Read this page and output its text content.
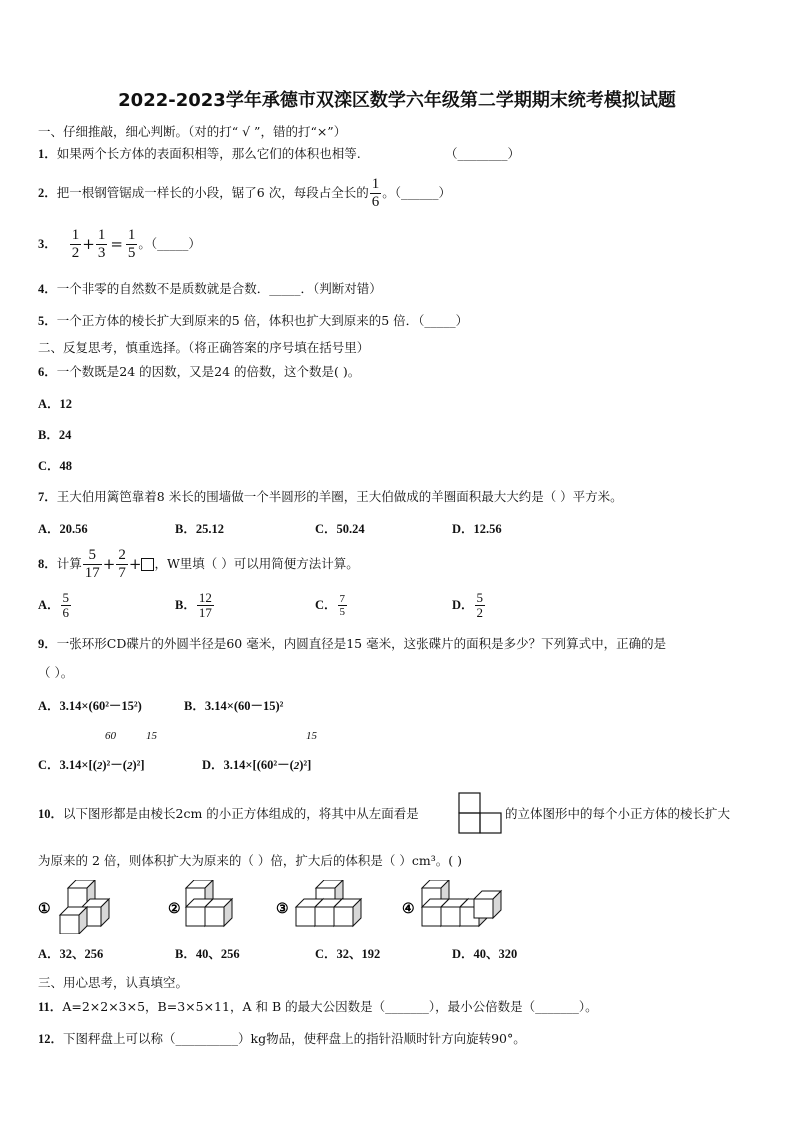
2022-2023学年承德市双滦区数学六年级第二学期期末统考模拟试题
一、仔细推敲，细心判断。（对的打“ √ ”，错的打“×”）
1．如果两个长方体的表面积相等，那么它们的体积也相等.	（________）
2． 把一根钢管锯成一样长的小段，锯了6 次，每段占全长的 $\frac{1}{6}$ 。（______）
3． $\frac{1}{2} + \frac{1}{3} = \frac{1}{5}$ 。（_____）
4．一个非零的自然数不是质数就是合数．_____．（判断对错）
5．一个正方体的棱长扩大到原来的5 倍，体积也扩大到原来的5 倍．（_____）
二、反复思考，慎重选择。（将正确答案的序号填在括号里）
6．一个数既是24 的因数，又是24 的倍数，这个数是( )。
A．12
B．24
C．48
7．王大伯用篱笆靠着8 米长的围墙做一个半圆形的羊圈，王大伯做成的羊圈面积最大大约是（ ）平方米。
A．20.56	B．25.12	C．50.24	D．12.56
8． 计算 $\frac{5}{17} + \frac{2}{7}$ + ，W里填（ ）可以用简便方法计算。
A． $\frac{5}{6}$	B． $\frac{12}{17}$	C． $\frac{7}{5}$	D． $\frac{5}{2}$
9．一张环形CD碟片的外圆半径是60 毫米，内圆直径是15 毫米，这张碟片的面积是多少？下列算式中，正确的是
（ ）。
A．3.14×(60²－15²)	B．3.14×(60－15)²
60	15
C．3.14×[(2)²－(2)²]
15
D．3.14×[(60²－(2)²]
10．以下图形都是由棱长2cm 的小正方体组成的，将其中从左面看是	的立体图形中的每个小正方体的棱长扩大
为原来的 2 倍，则体积扩大为原来的（ ）倍，扩大后的体积是（ ）cm³。( )
①	②	③	④
A．32、256	B．40、256	C．32、192	D．40、320
三、用心思考，认真填空。
11．A=2×2×3×5，B=3×5×11，A 和 B 的最大公因数是（_______），最小公倍数是（_______）。
12．下图秤盘上可以称（__________）kg物品，使秤盘上的指针沿顺时针方向旋转90°。
